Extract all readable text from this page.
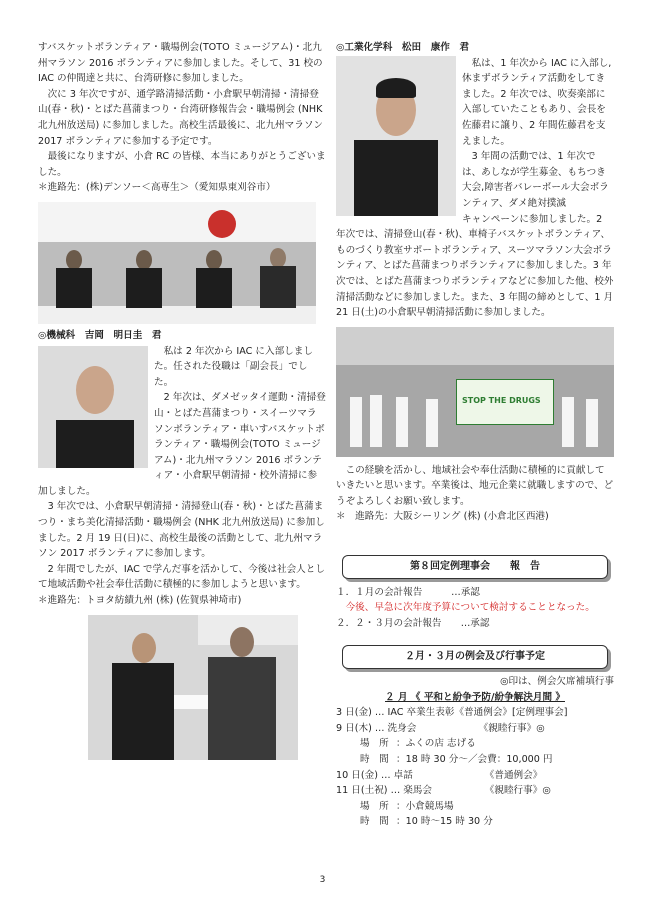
すバスケットボランティア・職場例会(TOTO ミュージアム)・北九州マラソン 2016 ボランティアに参加しました。そして、31 校の IAC の仲間達と共に、台湾研修に参加しました。

次に 3 年次ですが、通学路清掃活動・小倉駅早朝清掃・清掃登山(春・秋)・とばた菖蒲まつり・台湾研修報告会・職場例会 (NHK 北九州放送局) に参加しました。高校生活最後に、北九州マラソン 2017 ボランティアに参加する予定です。

最後になりますが、小倉 RC の皆様、本当にありがとうございました。

＊進路先：(株)デンソー＜高専生＞（愛知県東刈谷市）

◎機械科　吉岡　明日圭　君

私は 2 年次から IAC に入部しました。任された役職は「副会長」でした。

2 年次は、ダメゼッタイ運動・清掃登山・とばた菖蒲まつり・スイーツマラソンボランティア・車いすバスケットボランティア・職場例会(TOTO ミュージアム)・北九州マラソン 2016 ボランティア・小倉駅早朝清掃・校外清掃に参加しました。

3 年次では、小倉駅早朝清掃・清掃登山(春・秋)・とばた菖蒲まつり・まち美化清掃活動・職場例会 (NHK 北九州放送局) に参加しました。2 月 19 日(日)に、高校生最後の活動として、北九州マラソン 2017 ボランティアに参加します。

2 年間でしたが、IAC で学んだ事を活かして、今後は社会人として地域活動や社会奉仕活動に積極的に参加しようと思います。

＊進路先：トヨタ紡績九州 (株) (佐賀県神埼市)

◎工業化学科　松田　康作　君

私は、1 年次から IAC に入部し,休まずボランティア活動をしてきました。2 年次では、吹奏楽部に入部していたこともあり、会長を佐藤君に譲り、2 年間佐藤君を支えました。

3 年間の活動では、1 年次では、あしなが学生募金、もちつき大会,障害者バレーボール大会ボランティア、ダメ絶対撲滅

キャンペーンに参加しました。2 年次では、清掃登山(春・秋)、車椅子バスケットボランティア、ものづくり教室サポートボランティア、スーツマラソン大会ボランティア、とばた菖蒲まつりボランティアに参加しました。3 年次では、とばた菖蒲まつりボランティアなどに参加した他、校外清掃活動などに参加しました。また、3 年間の締めとして、1 月 21 日(土)の小倉駅早朝清掃活動に参加しました。

STOP THE DRUGS

この経験を活かし、地域社会や奉仕活動に積極的に貢献していきたいと思います。卒業後は、地元企業に就職しますので、どうぞよろしくお願い致します。

＊　進路先：大阪シーリング (株) (小倉北区西港)

第８回定例理事会　　報　告

１．１月の会計報告　　　…承認

今後、早急に次年度予算について検討することとなった。

２．２・３月の会計報告　　…承認

２月・３月の例会及び行事予定

◎印は、例会欠席補填行事

２ 月 《 平和と紛争予防/紛争解決月間 》

3 日(金) … IAC 卒業生表彰《普通例会》[定例理事会]

9 日(木) … 洗身会　　　　　　　《親睦行事》◎

場　所 ：ふくの店 志げる
時　間 ：18 時 30 分～／会費：10,000 円

10 日(金) … 卓話　　　　　　　　《普通例会》

11 日(土祝) … 楽馬会　　　　　　《親睦行事》◎

場　所 ：小倉競馬場
時　間 ：10 時～15 時 30 分
3
